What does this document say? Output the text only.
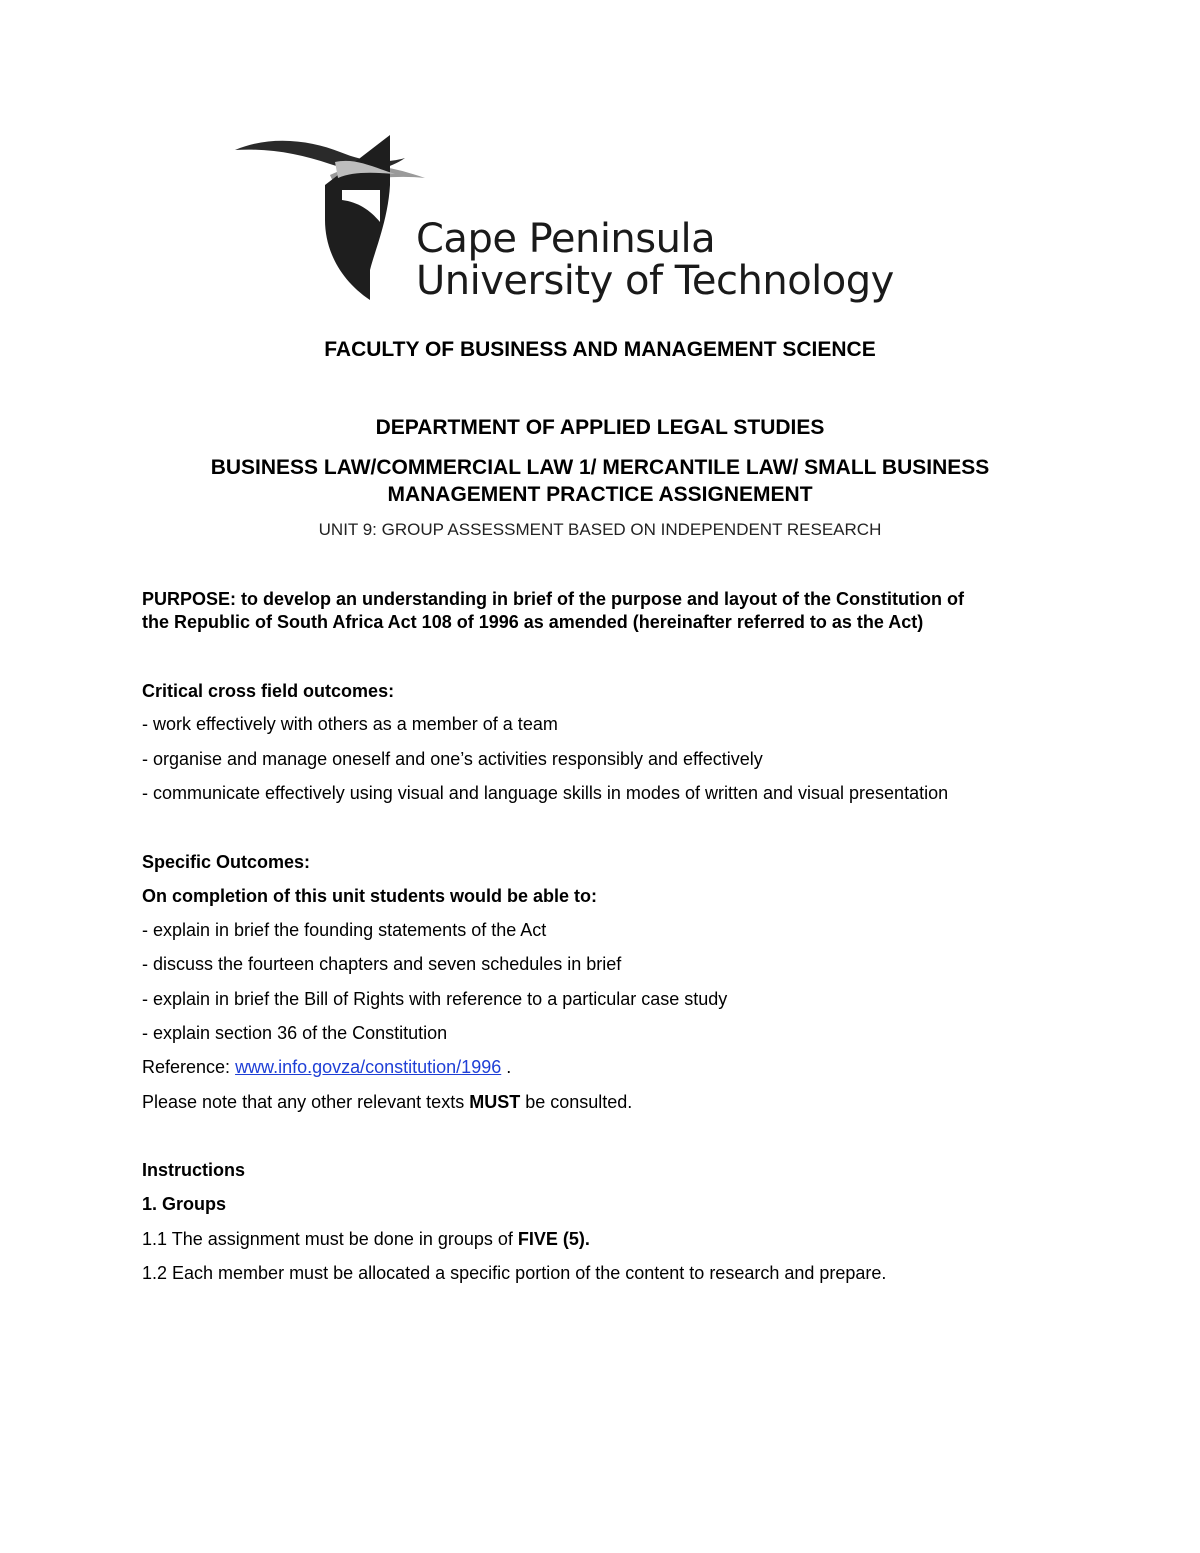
Cape Peninsula
University of Technology
FACULTY OF BUSINESS AND MANAGEMENT SCIENCE
DEPARTMENT OF APPLIED LEGAL STUDIES
BUSINESS LAW/COMMERCIAL LAW 1/ MERCANTILE LAW/ SMALL BUSINESS
MANAGEMENT PRACTICE ASSIGNEMENT
UNIT 9: GROUP ASSESSMENT BASED ON INDEPENDENT RESEARCH
PURPOSE: to develop an understanding in brief of the purpose and layout of the Constitution of
the Republic of South Africa Act 108 of 1996 as amended (hereinafter referred to as the Act)
Critical cross field outcomes:
- work effectively with others as a member of a team
- organise and manage oneself and one’s activities responsibly and effectively
- communicate effectively using visual and language skills in modes of written and visual presentation
Specific Outcomes:
On completion of this unit students would be able to:
- explain in brief the founding statements of the Act
- discuss the fourteen chapters and seven schedules in brief
- explain in brief the Bill of Rights with reference to a particular case study
- explain section 36 of the Constitution
Reference: www.info.govza/constitution/1996 .
Please note that any other relevant texts MUST be consulted.
Instructions
1. Groups
1.1 The assignment must be done in groups of FIVE (5).
1.2 Each member must be allocated a specific portion of the content to research and prepare.
